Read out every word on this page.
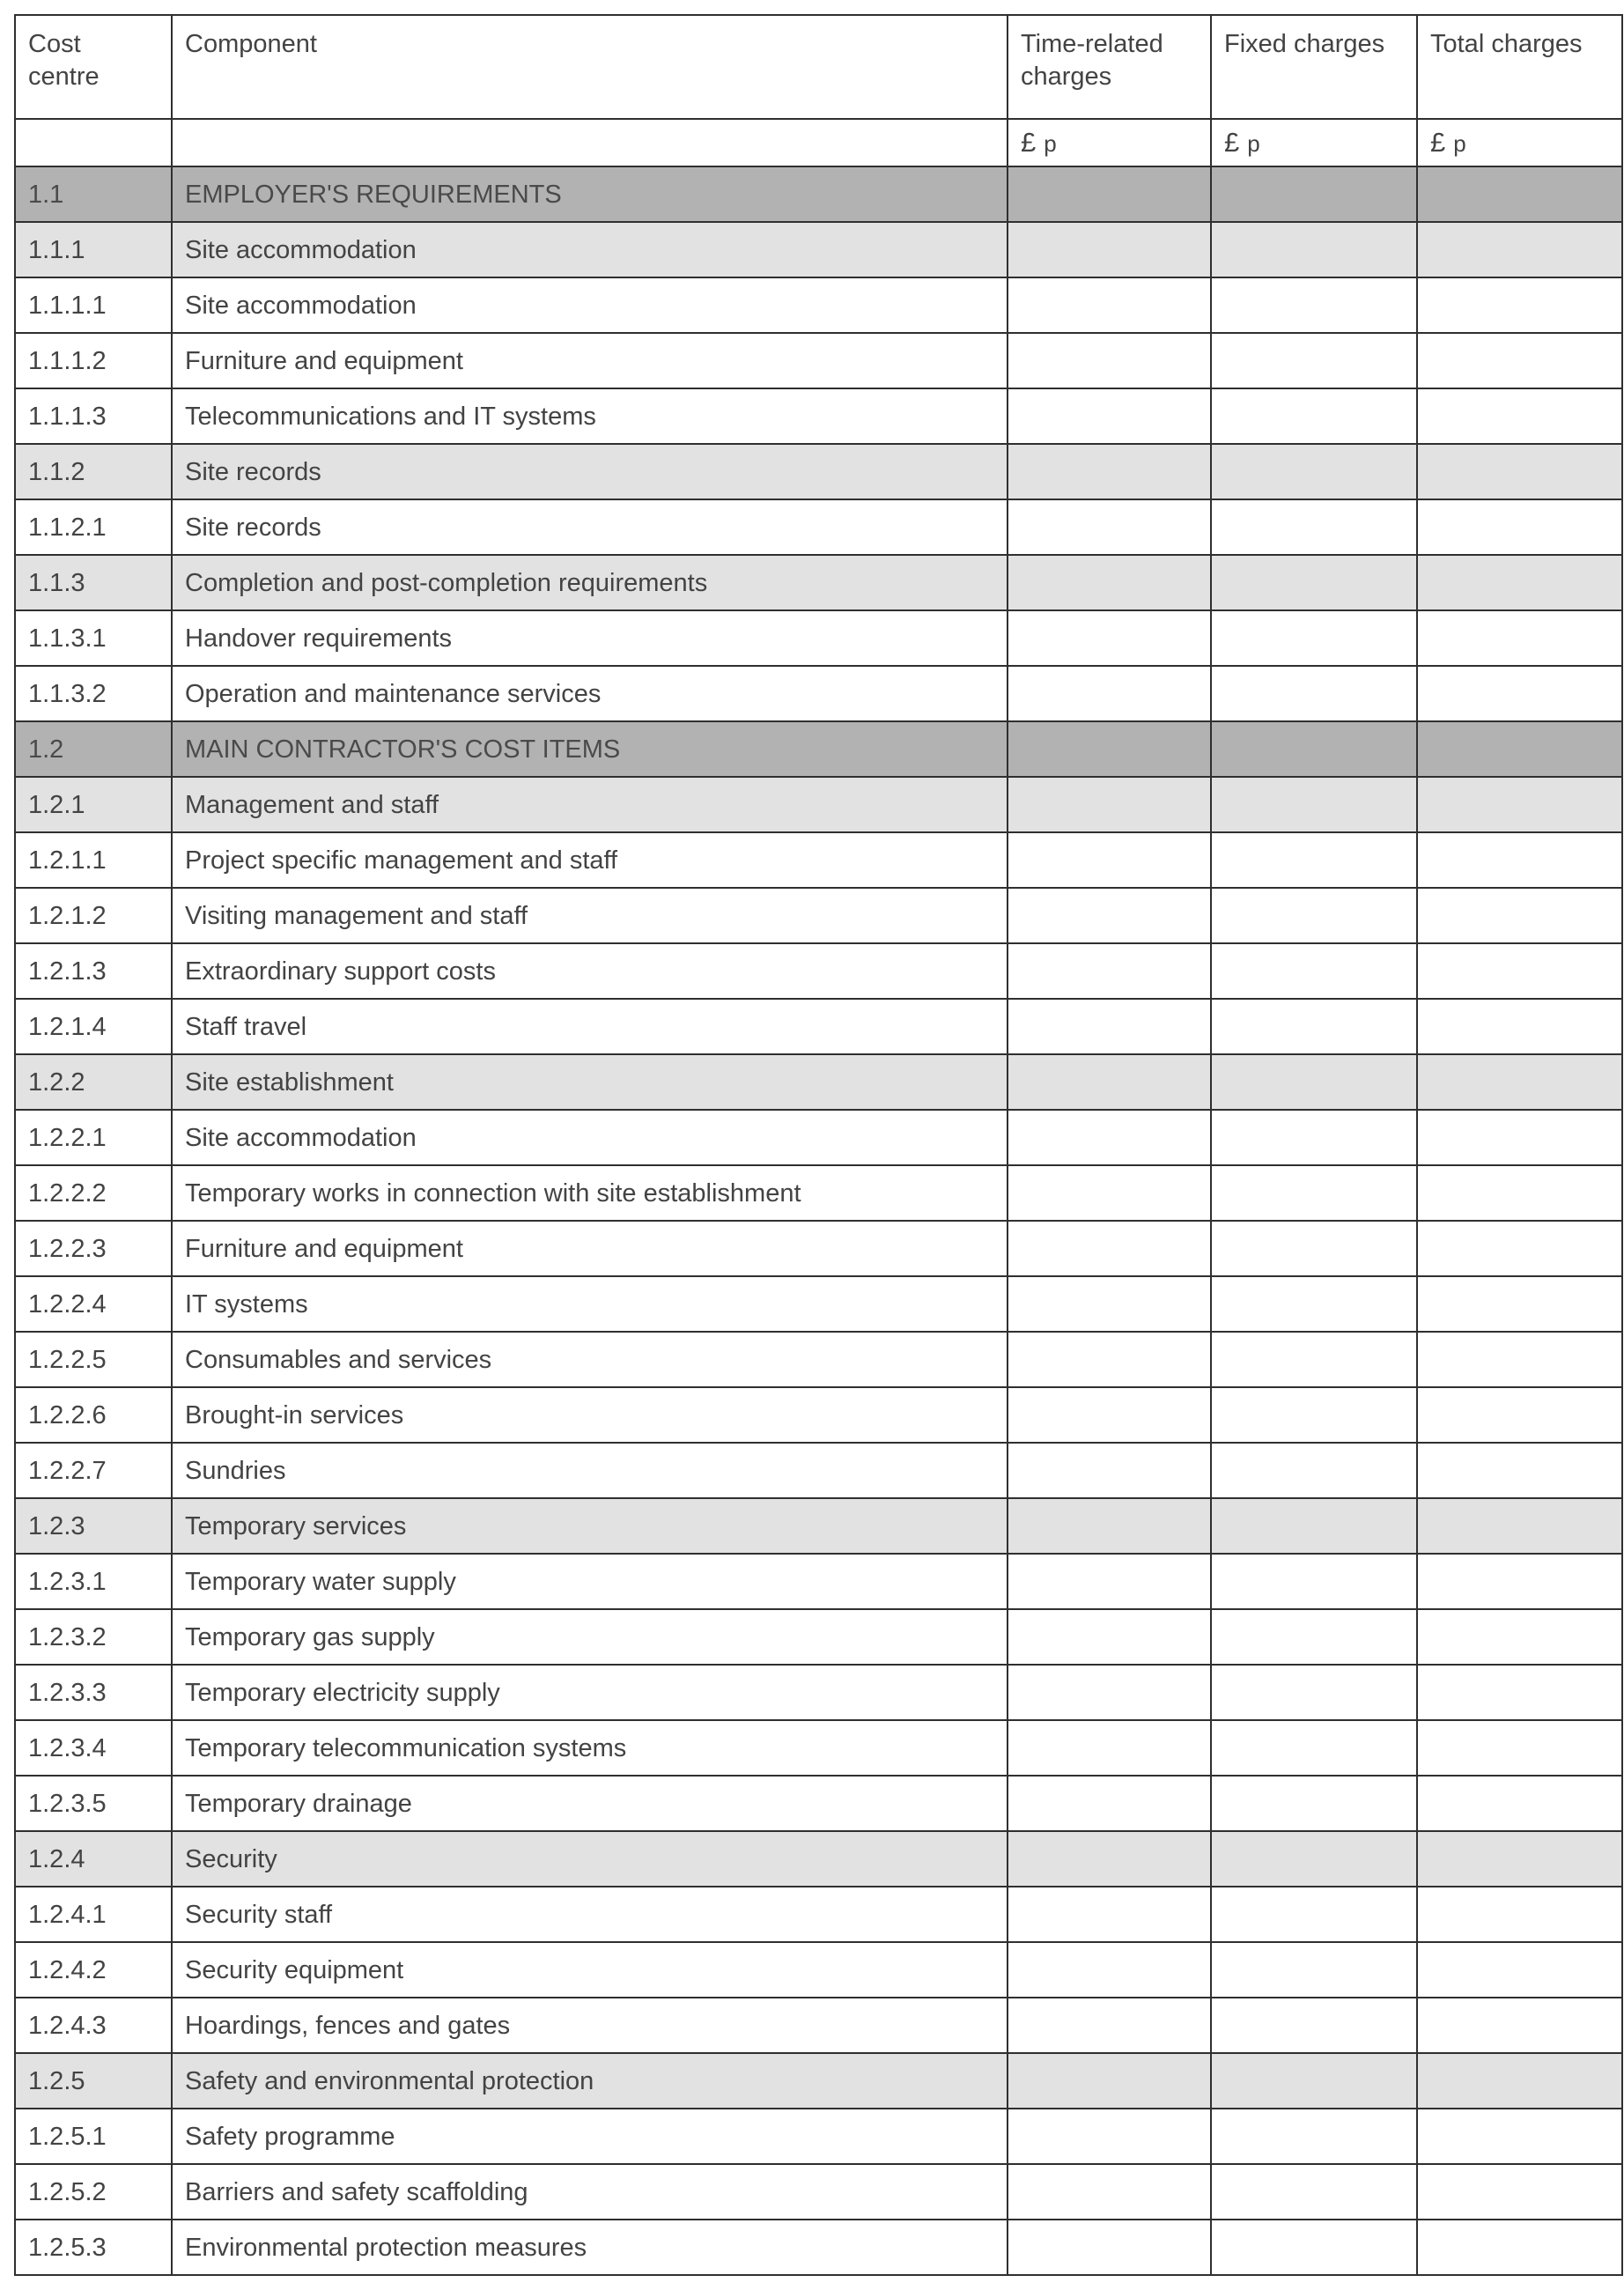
Cost centre	Component	Time-related charges	Fixed charges	Total charges
		£ p	£ p	£ p
1.1	EMPLOYER'S REQUIREMENTS			
1.1.1	Site accommodation			
1.1.1.1	Site accommodation			
1.1.1.2	Furniture and equipment			
1.1.1.3	Telecommunications and IT systems			
1.1.2	Site records			
1.1.2.1	Site records			
1.1.3	Completion and post-completion requirements			
1.1.3.1	Handover requirements			
1.1.3.2	Operation and maintenance services			
1.2	MAIN CONTRACTOR'S COST ITEMS			
1.2.1	Management and staff			
1.2.1.1	Project specific management and staff			
1.2.1.2	Visiting management and staff			
1.2.1.3	Extraordinary support costs			
1.2.1.4	Staff travel			
1.2.2	Site establishment			
1.2.2.1	Site accommodation			
1.2.2.2	Temporary works in connection with site establishment			
1.2.2.3	Furniture and equipment			
1.2.2.4	IT systems			
1.2.2.5	Consumables and services			
1.2.2.6	Brought-in services			
1.2.2.7	Sundries			
1.2.3	Temporary services			
1.2.3.1	Temporary water supply			
1.2.3.2	Temporary gas supply			
1.2.3.3	Temporary electricity supply			
1.2.3.4	Temporary telecommunication systems			
1.2.3.5	Temporary drainage			
1.2.4	Security			
1.2.4.1	Security staff			
1.2.4.2	Security equipment			
1.2.4.3	Hoardings, fences and gates			
1.2.5	Safety and environmental protection			
1.2.5.1	Safety programme			
1.2.5.2	Barriers and safety scaffolding			
1.2.5.3	Environmental protection measures			
